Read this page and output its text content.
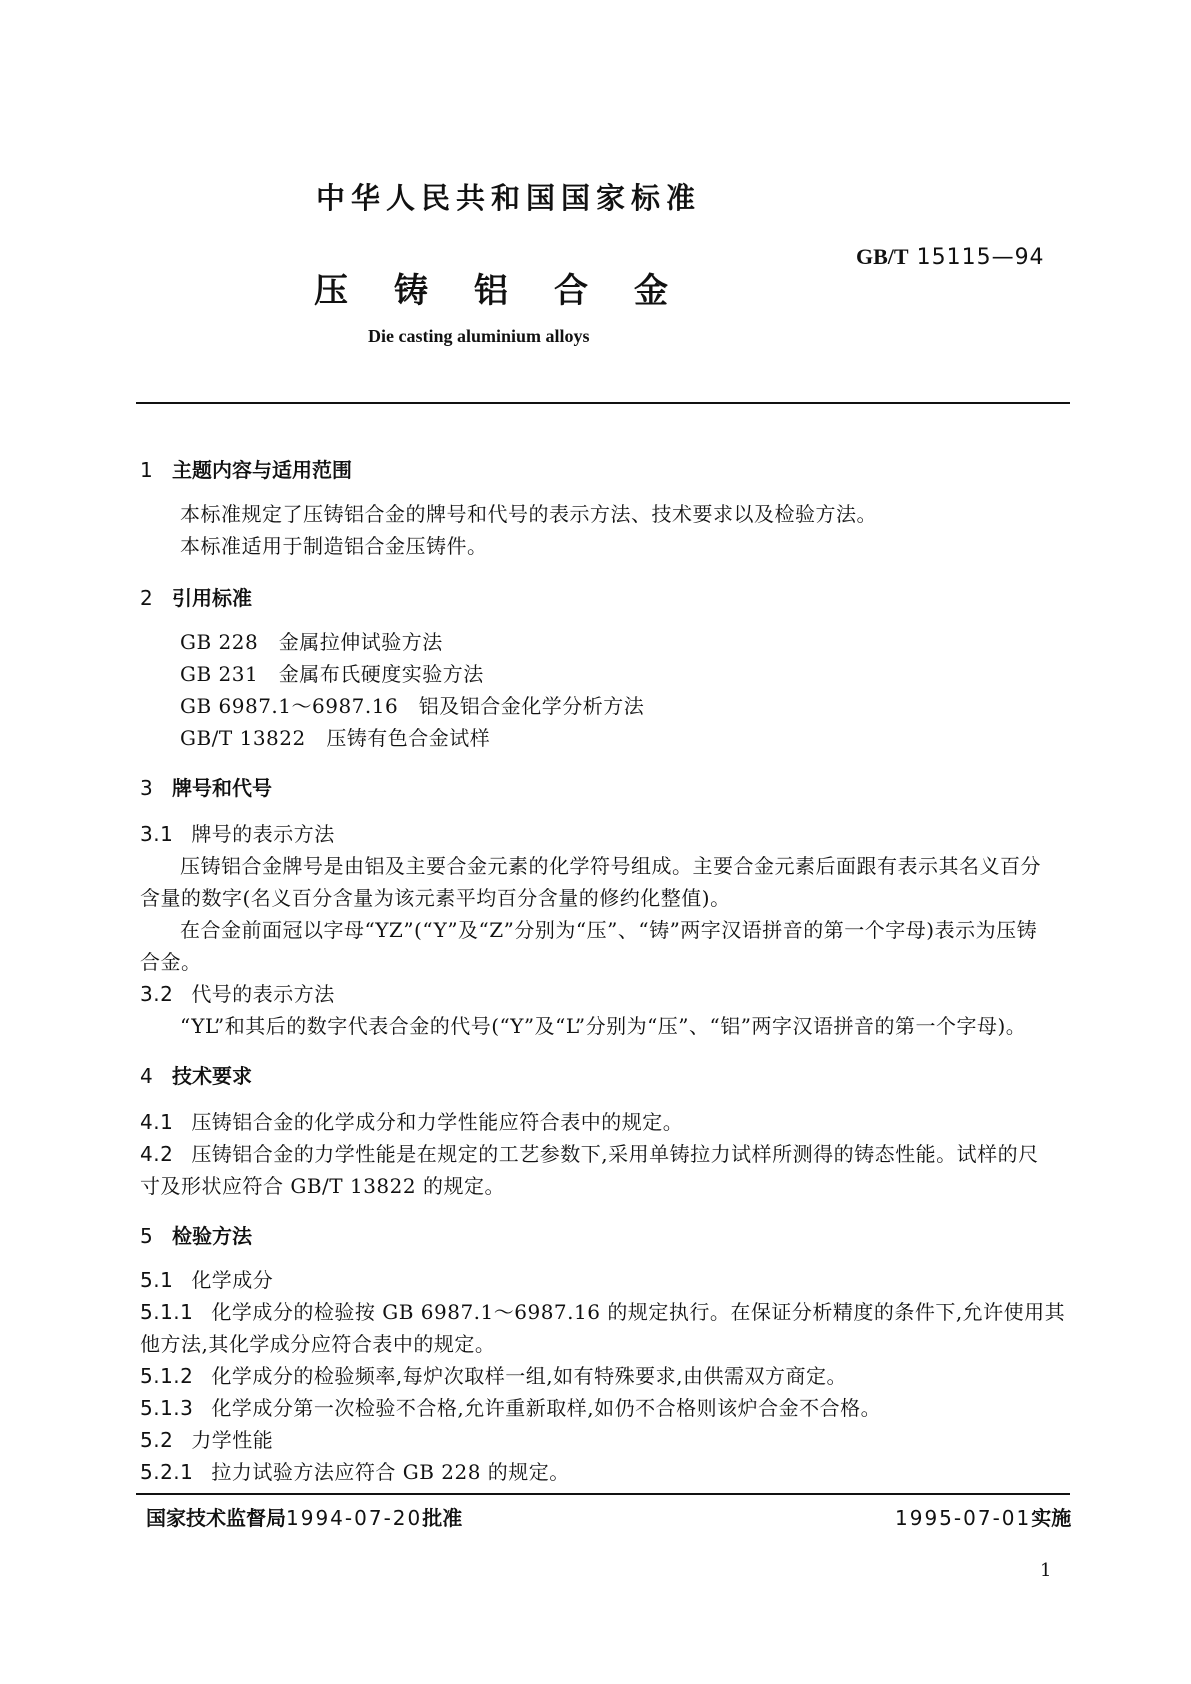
中华人民共和国国家标准
GB/T 15115—94
压 铸 铝 合 金
Die casting aluminium alloys
1 主题内容与适用范围
本标准规定了压铸铝合金的牌号和代号的表示方法、技术要求以及检验方法。
本标准适用于制造铝合金压铸件。
2 引用标准
GB 228 金属拉伸试验方法
GB 231 金属布氏硬度实验方法
GB 6987.1～6987.16 铝及铝合金化学分析方法
GB/T 13822 压铸有色合金试样
3 牌号和代号
3.1 牌号的表示方法
压铸铝合金牌号是由铝及主要合金元素的化学符号组成。主要合金元素后面跟有表示其名义百分
含量的数字(名义百分含量为该元素平均百分含量的修约化整值)。
在合金前面冠以字母“YZ”(“Y”及“Z”分别为“压”、“铸”两字汉语拼音的第一个字母)表示为压铸
合金。
3.2 代号的表示方法
“YL”和其后的数字代表合金的代号(“Y”及“L”分别为“压”、“铝”两字汉语拼音的第一个字母)。
4 技术要求
4.1 压铸铝合金的化学成分和力学性能应符合表中的规定。
4.2 压铸铝合金的力学性能是在规定的工艺参数下,采用单铸拉力试样所测得的铸态性能。试样的尺
寸及形状应符合 GB/T 13822 的规定。
5 检验方法
5.1 化学成分
5.1.1 化学成分的检验按 GB 6987.1～6987.16 的规定执行。在保证分析精度的条件下,允许使用其
他方法,其化学成分应符合表中的规定。
5.1.2 化学成分的检验频率,每炉次取样一组,如有特殊要求,由供需双方商定。
5.1.3 化学成分第一次检验不合格,允许重新取样,如仍不合格则该炉合金不合格。
5.2 力学性能
5.2.1 拉力试验方法应符合 GB 228 的规定。
国家技术监督局1994-07-20批准	1995-07-01实施
1
